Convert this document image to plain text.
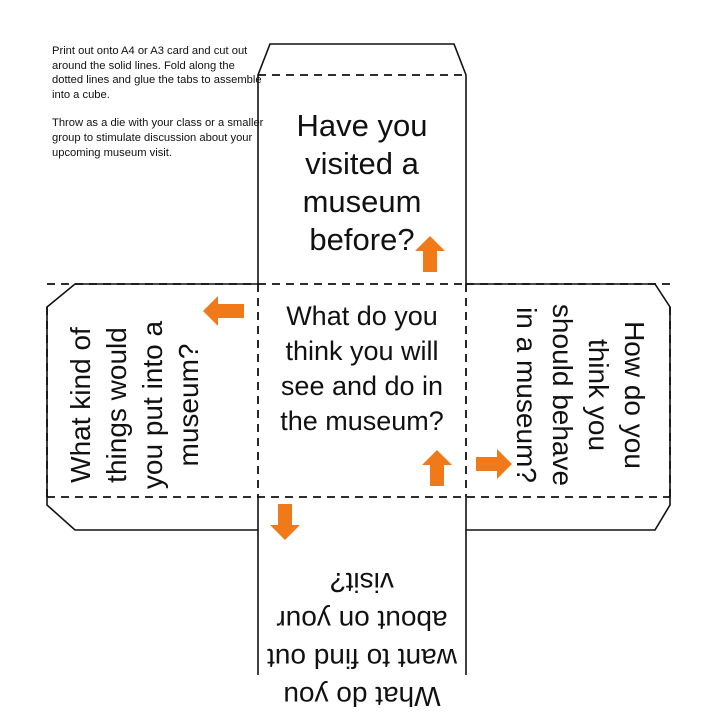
Print out onto A4 or A3 card and cut out around the solid lines. Fold along the dotted lines and glue the tabs to assemble into a cube.

Throw as a die with your class or a smaller group to stimulate discussion about your upcoming museum visit.

Have you visited a museum before?
What do you think you will see and do in the museum?
What kind of things would you put into a museum?	How do you think you should behave in a museum?
What do you want to find out about on your visit?
